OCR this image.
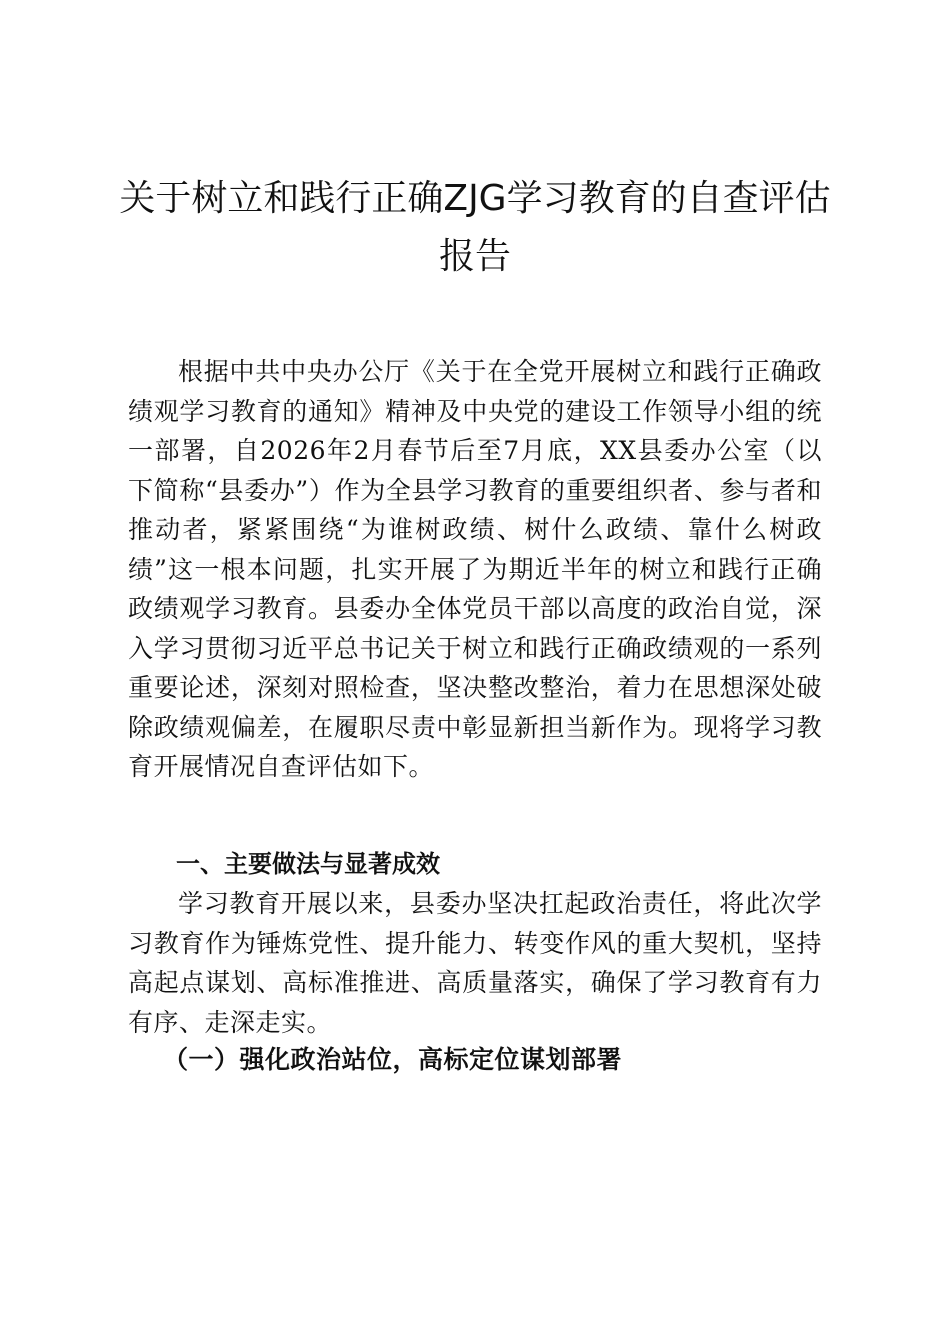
关于树立和践行正确ZJG学习教育的自查评估
报告

根据中共中央办公厅《关于在全党开展树立和践行正确政绩观学习教育的通知》精神及中央党的建设工作领导小组的统一部署，自2026年2月春节后至7月底，XX县委办公室（以下简称“县委办”）作为全县学习教育的重要组织者、参与者和推动者，紧紧围绕“为谁树政绩、树什么政绩、靠什么树政绩”这一根本问题，扎实开展了为期近半年的树立和践行正确政绩观学习教育。县委办全体党员干部以高度的政治自觉，深入学习贯彻习近平总书记关于树立和践行正确政绩观的一系列重要论述，深刻对照检查，坚决整改整治，着力在思想深处破除政绩观偏差，在履职尽责中彰显新担当新作为。现将学习教育开展情况自查评估如下。

一、主要做法与显著成效

学习教育开展以来，县委办坚决扛起政治责任，将此次学习教育作为锤炼党性、提升能力、转变作风的重大契机，坚持高起点谋划、高标准推进、高质量落实，确保了学习教育有力有序、走深走实。

（一）强化政治站位，高标定位谋划部署
